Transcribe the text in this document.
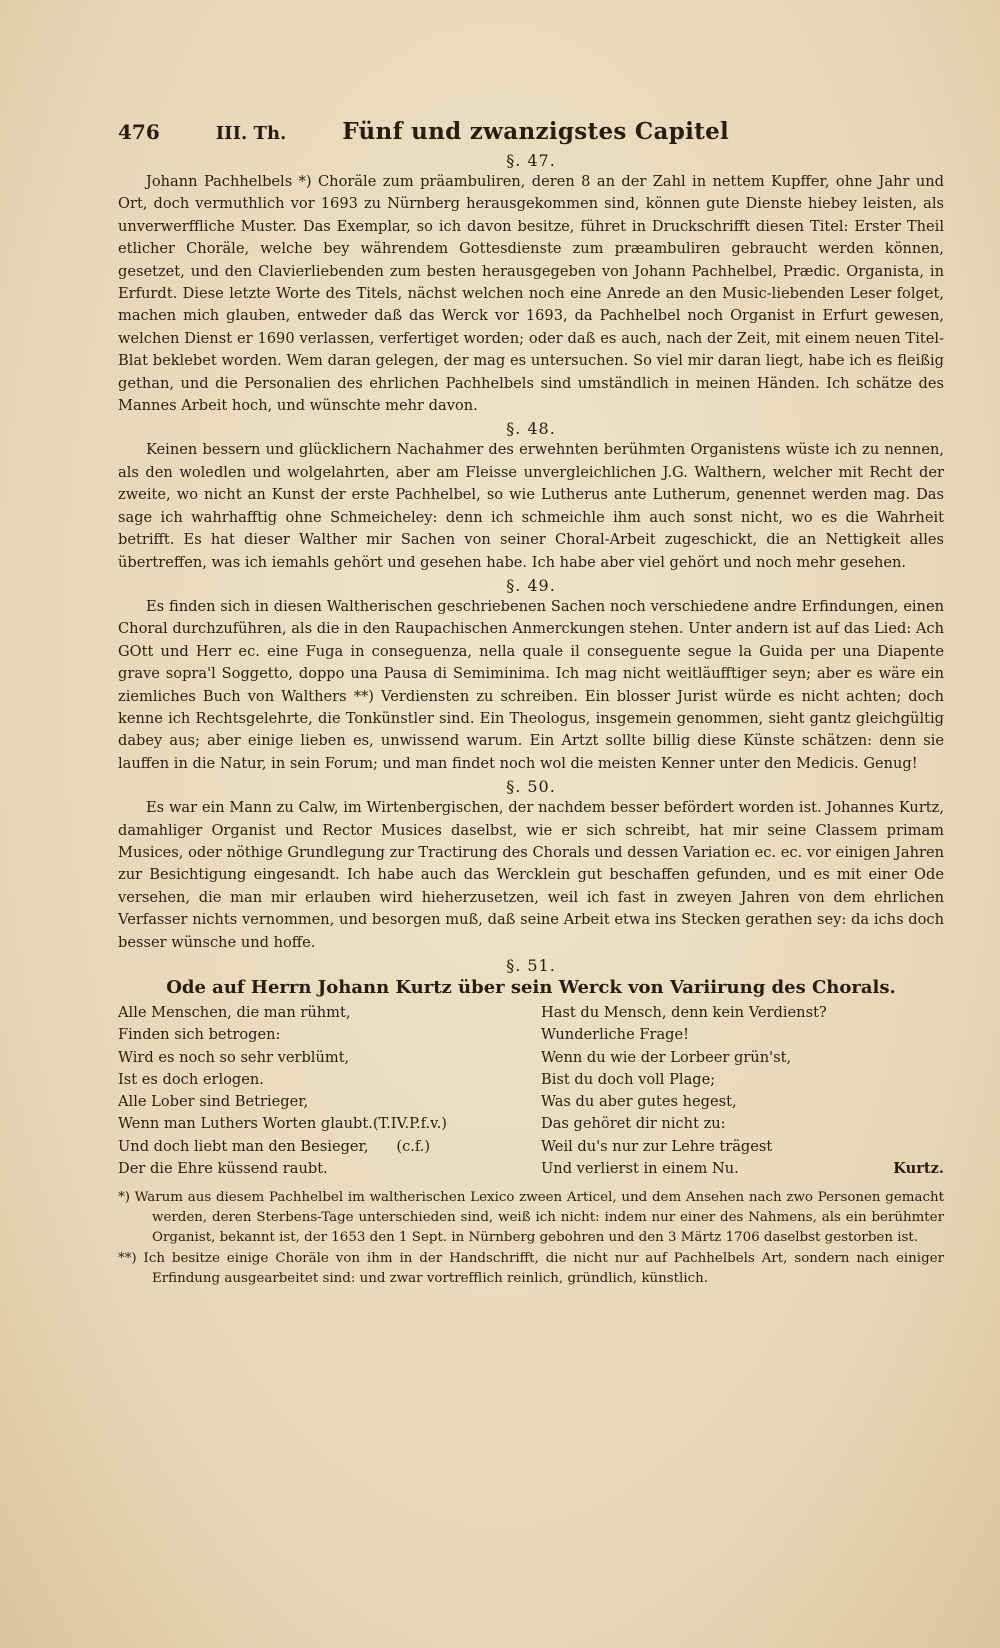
476	III. Th. Fünf und zwanzigstes Capitel
§. 47.

Johann Pachhelbels *) Choräle zum präambuliren, deren 8 an der Zahl in nettem Kupffer, ohne Jahr und Ort, doch vermuthlich vor 1693 zu Nürnberg herausgekommen sind, können gute Dienste hiebey leisten, als unverwerffliche Muster. Das Exemplar, so ich davon besitze, führet in Druckschrifft diesen Titel: Erster Theil etlicher Choräle, welche bey währendem Gottesdienste zum præambuliren gebraucht werden können, gesetzet, und den Clavierliebenden zum besten herausgegeben von Johann Pachhelbel, Prædic. Organista, in Erfurdt. Diese letzte Worte des Titels, nächst welchen noch eine Anrede an den Music-liebenden Leser folget, machen mich glauben, entweder daß das Werck vor 1693, da Pachhelbel noch Organist in Erfurt gewesen, welchen Dienst er 1690 verlassen, verfertiget worden; oder daß es auch, nach der Zeit, mit einem neuen Titel-Blat beklebet worden. Wem daran gelegen, der mag es untersuchen. So viel mir daran liegt, habe ich es fleißig gethan, und die Personalien des ehrlichen Pachhelbels sind umständlich in meinen Händen. Ich schätze des Mannes Arbeit hoch, und wünschte mehr davon.

§. 48.

Keinen bessern und glücklichern Nachahmer des erwehnten berühmten Organistens wüste ich zu nennen, als den woledlen und wolgelahrten, aber am Fleisse unvergleichlichen J.G. Walthern, welcher mit Recht der zweite, wo nicht an Kunst der erste Pachhelbel, so wie Lutherus ante Lutherum, genennet werden mag. Das sage ich wahrhafftig ohne Schmeicheley: denn ich schmeichle ihm auch sonst nicht, wo es die Wahrheit betrifft. Es hat dieser Walther mir Sachen von seiner Choral-Arbeit zugeschickt, die an Nettigkeit alles übertreffen, was ich iemahls gehört und gesehen habe. Ich habe aber viel gehört und noch mehr gesehen.

§. 49.

Es finden sich in diesen Waltherischen geschriebenen Sachen noch verschiedene andre Erfindungen, einen Choral durchzuführen, als die in den Raupachischen Anmerckungen stehen. Unter andern ist auf das Lied: Ach GOtt und Herr ec. eine Fuga in conseguenza, nella quale il conseguente segue la Guida per una Diapente grave sopra'l Soggetto, doppo una Pausa di Semiminima. Ich mag nicht weitläufftiger seyn; aber es wäre ein ziemliches Buch von Walthers **) Verdiensten zu schreiben. Ein blosser Jurist würde es nicht achten; doch kenne ich Rechtsgelehrte, die Tonkünstler sind. Ein Theologus, insgemein genommen, sieht gantz gleichgültig dabey aus; aber einige lieben es, unwissend warum. Ein Artzt sollte billig diese Künste schätzen: denn sie lauffen in die Natur, in sein Forum; und man findet noch wol die meisten Kenner unter den Medicis. Genug!

§. 50.

Es war ein Mann zu Calw, im Wirtenbergischen, der nachdem besser befördert worden ist. Johannes Kurtz, damahliger Organist und Rector Musices daselbst, wie er sich schreibt, hat mir seine Classem primam Musices, oder nöthige Grundlegung zur Tractirung des Chorals und dessen Variation ec. ec. vor einigen Jahren zur Besichtigung eingesandt. Ich habe auch das Wercklein gut beschaffen gefunden, und es mit einer Ode versehen, die man mir erlauben wird hieherzusetzen, weil ich fast in zweyen Jahren von dem ehrlichen Verfasser nichts vernommen, und besorgen muß, daß seine Arbeit etwa ins Stecken gerathen sey: da ichs doch besser wünsche und hoffe.

§. 51.
Ode auf Herrn Johann Kurtz über sein Werck von Variirung des Chorals.
Alle Menschen, die man rühmt,
Finden sich betrogen:
Wird es noch so sehr verblümt,
Ist es doch erlogen.
Alle Lober sind Betrieger,
Wenn man Luthers Worten glaubt.(T.IV.P.f.v.)
Und doch liebt man den Besieger,      (c.f.)
Der die Ehre küssend raubt.
Hast du Mensch, denn kein Verdienst?
Wunderliche Frage!
Wenn du wie der Lorbeer grün'st,
Bist du doch voll Plage;
Was du aber gutes hegest,
Das gehöret dir nicht zu:
Weil du's nur zur Lehre trägest
Und verlierst in einem Nu.	Kurtz.

*) Warum aus diesem Pachhelbel im waltherischen Lexico zween Articel, und dem Ansehen nach zwo Personen gemacht werden, deren Sterbens-Tage unterschieden sind, weiß ich nicht: indem nur einer des Nahmens, als ein berühmter Organist, bekannt ist, der 1653 den 1 Sept. in Nürnberg gebohren und den 3 Märtz 1706 daselbst gestorben ist.

**) Ich besitze einige Choräle von ihm in der Handschrifft, die nicht nur auf Pachhelbels Art, sondern nach einiger Erfindung ausgearbeitet sind: und zwar vortrefflich reinlich, gründlich, künstlich.
